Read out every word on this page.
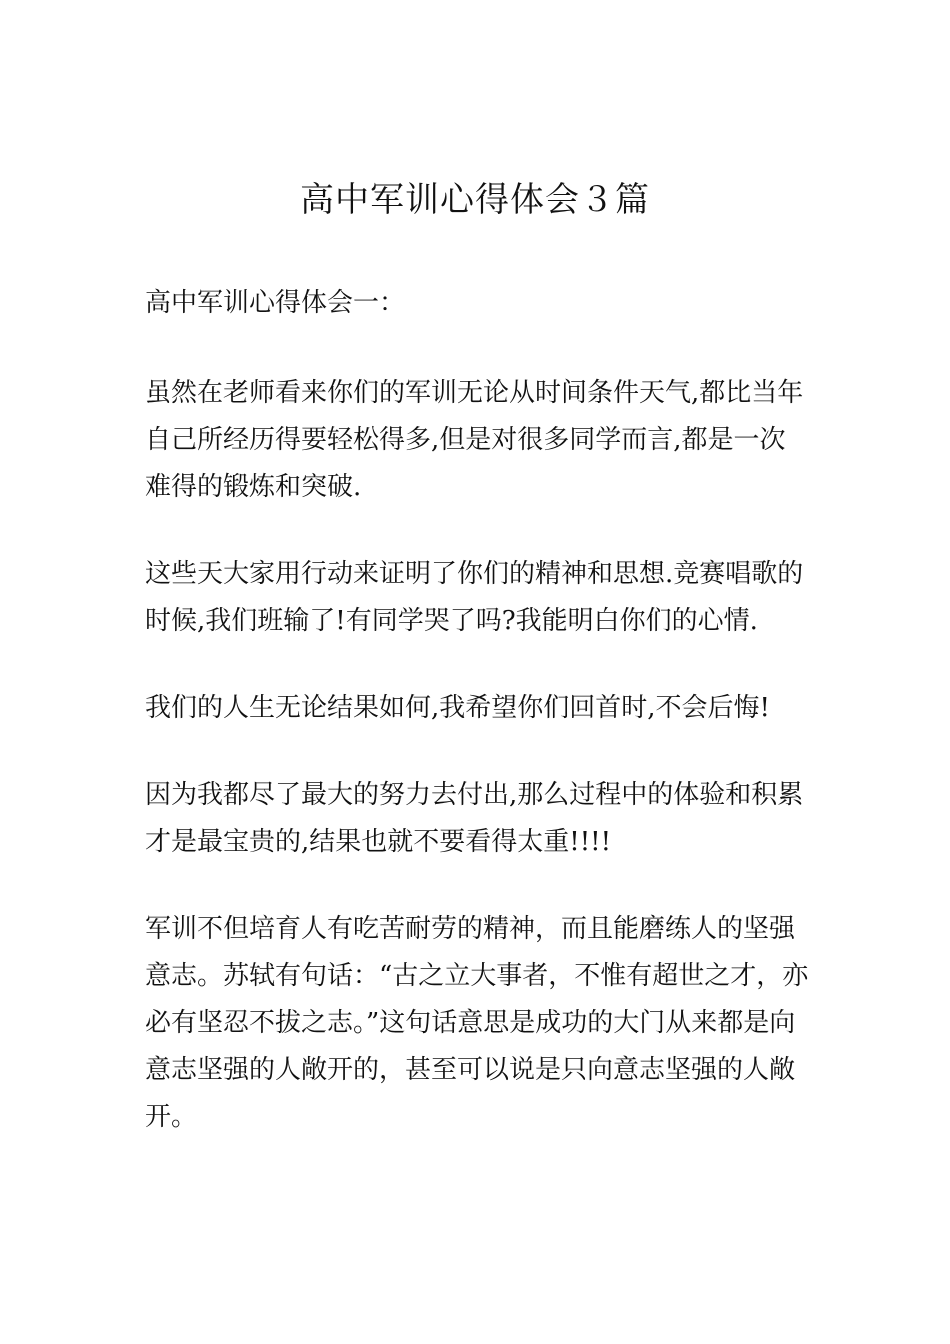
高中军训心得体会３篇

高中军训心得体会一：

虽然在老师看来你们的军训无论从时间条件天气,都比当年自己所经历得要轻松得多,但是对很多同学而言,都是一次难得的锻炼和突破.

这些天大家用行动来证明了你们的精神和思想.竞赛唱歌的时候,我们班输了!有同学哭了吗?我能明白你们的心情.

我们的人生无论结果如何,我希望你们回首时,不会后悔!

因为我都尽了最大的努力去付出,那么过程中的体验和积累才是最宝贵的,结果也就不要看得太重!!!!

军训不但培育人有吃苦耐劳的精神，而且能磨练人的坚强意志。苏轼有句话：“古之立大事者，不惟有超世之才，亦必有坚忍不拔之志。”这句话意思是成功的大门从来都是向意志坚强的人敞开的，甚至可以说是只向意志坚强的人敞开。
